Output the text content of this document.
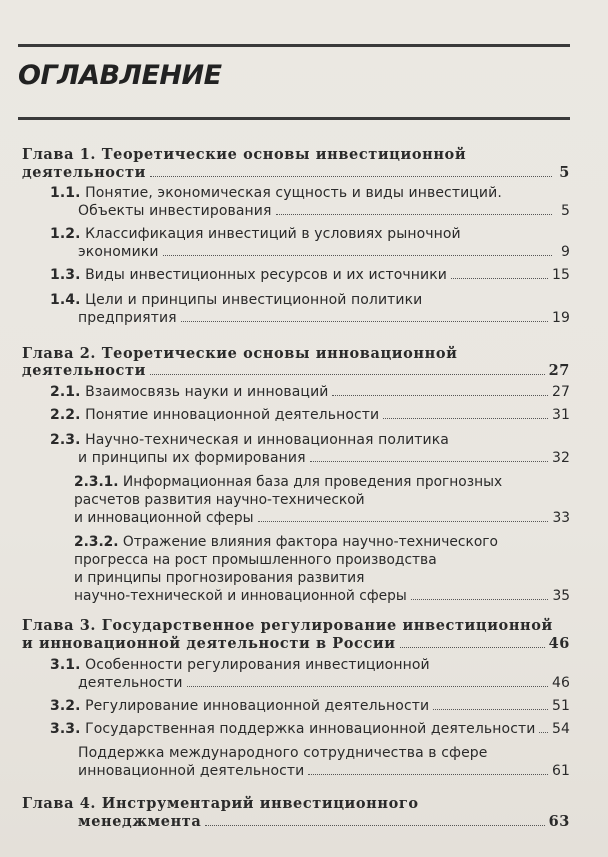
ОГЛАВЛЕНИЕ
Глава 1. Теоретические основы инвестиционной
деятельности	5
1.1. Понятие, экономическая сущность и виды инвестиций.
Объекты инвестирования	5
1.2. Классификация инвестиций в условиях рыночной
экономики	9
1.3. Виды инвестиционных ресурсов и их источники	15
1.4. Цели и принципы инвестиционной политики
предприятия	19
Глава 2. Теоретические основы инновационной
деятельности	27
2.1. Взаимосвязь науки и инноваций	27
2.2. Понятие инновационной деятельности	31
2.3. Научно-техническая и инновационная политика
и принципы их формирования	32
2.3.1. Информационная база для проведения прогнозных
расчетов развития научно-технической
и инновационной сферы	33
2.3.2. Отражение влияния фактора научно-технического
прогресса на рост промышленного производства
и принципы прогнозирования развития
научно-технической и инновационной сферы	35
Глава 3. Государственное регулирование инвестиционной
и инновационной деятельности в России	46
3.1. Особенности регулирования инвестиционной
деятельности	46
3.2. Регулирование инновационной деятельности	51
3.3. Государственная поддержка инновационной деятельности 54
Поддержка международного сотрудничества в сфере
инновационной деятельности	61
Глава 4. Инструментарий инвестиционного
менеджмента	63
